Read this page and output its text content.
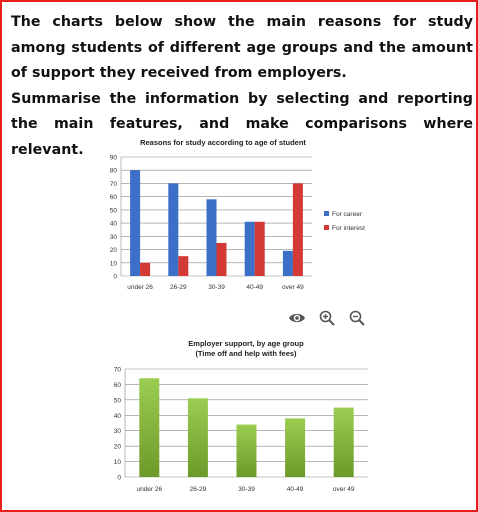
The charts below show the main reasons for study among students of different age groups and the amount of support they received from employers.

Summarise the information by selecting and reporting the main features, and make comparisons where relevant.	Reasons for study according to age of student
0
10
20
30
40
50
60
70
80
90
under 26	26-29	30-39	40-49	over 49
For career
For interest
Employer support, by age group
(Time off and help with fees)
0
10
20
30
40
50
60
70
under 26	26-29	30-39	40-49	over 49
